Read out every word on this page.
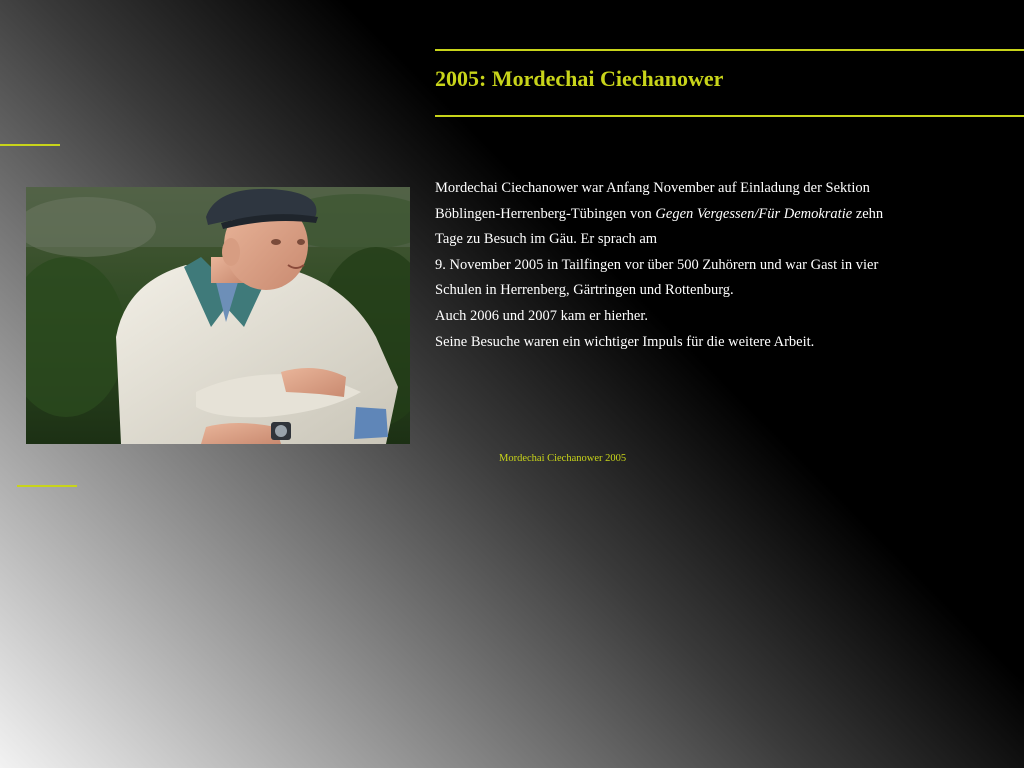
2005: Mordechai Ciechanower

Mordechai Ciechanower war Anfang November auf Einladung der Sektion

Böblingen-Herrenberg-Tübingen von Gegen Vergessen/Für Demokratie zehn

Tage zu Besuch im Gäu. Er sprach am

9. November 2005 in Tailfingen vor über 500 Zuhörern und war Gast in vier

Schulen in Herrenberg, Gärtringen und Rottenburg.

Auch 2006 und 2007 kam er hierher.

Seine Besuche waren ein wichtiger Impuls für die weitere Arbeit.

Mordechai Ciechanower 2005
